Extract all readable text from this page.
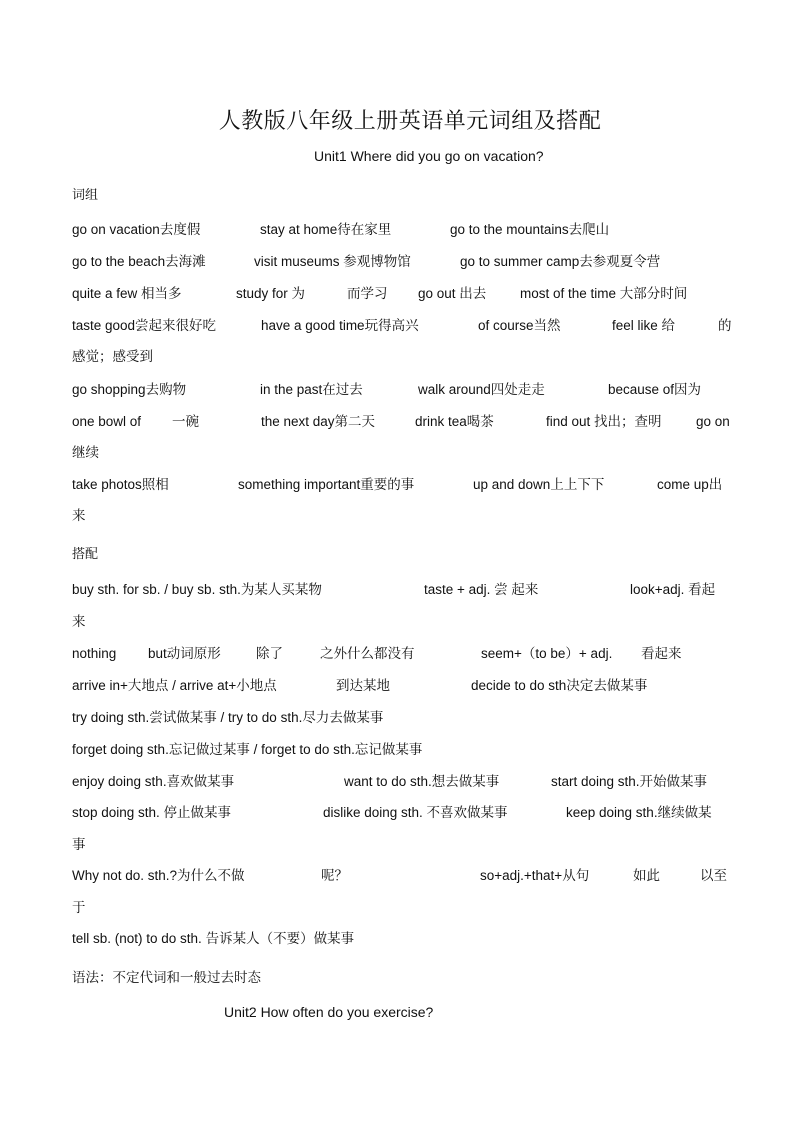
人教版八年级上册英语单元词组及搭配
Unit1 Where did you go on vacation?
词组
go on vacation去度假	stay at home待在家里	go to the mountains去爬山
go to the beach去海滩	visit museums 参观博物馆	go to summer camp去参观夏令营
quite a few 相当多	study for 为	而学习 go out 出去 most of the time 大部分时间
taste good尝起来很好吃	have a good time玩得高兴	of course当然	feel like 给	的
感觉；感受到
go shopping去购物	in the past在过去	walk around四处走走	because of因为
one bowl of 一碗	the next day第二天	drink tea喝茶	find out 找出；查明	go on
继续
take photos照相	something important重要的事	up and down上上下下	come up出
来
搭配
buy sth. for sb. / buy sb. sth.为某人买某物	taste + adj. 尝 起来	look+adj. 看起
来
nothing but动词原形	除了	之外什么都没有	seem+（to be）+ adj. 看起来
arrive in+大地点 / arrive at+小地点	到达某地	decide to do sth决定去做某事
try doing sth.尝试做某事 / try to do sth.尽力去做某事
forget doing sth.忘记做过某事 / forget to do sth.忘记做某事
enjoy doing sth.喜欢做某事	want to do sth.想去做某事	start doing sth.开始做某事
stop doing sth. 停止做某事	dislike doing sth. 不喜欢做某事	keep doing sth.继续做某
事
Why not do. sth.?为什么不做	呢？	so+adj.+that+从句	如此	以至
于
tell sb. (not) to do sth. 告诉某人（不要）做某事
语法：不定代词和一般过去时态
Unit2 How often do you exercise?
